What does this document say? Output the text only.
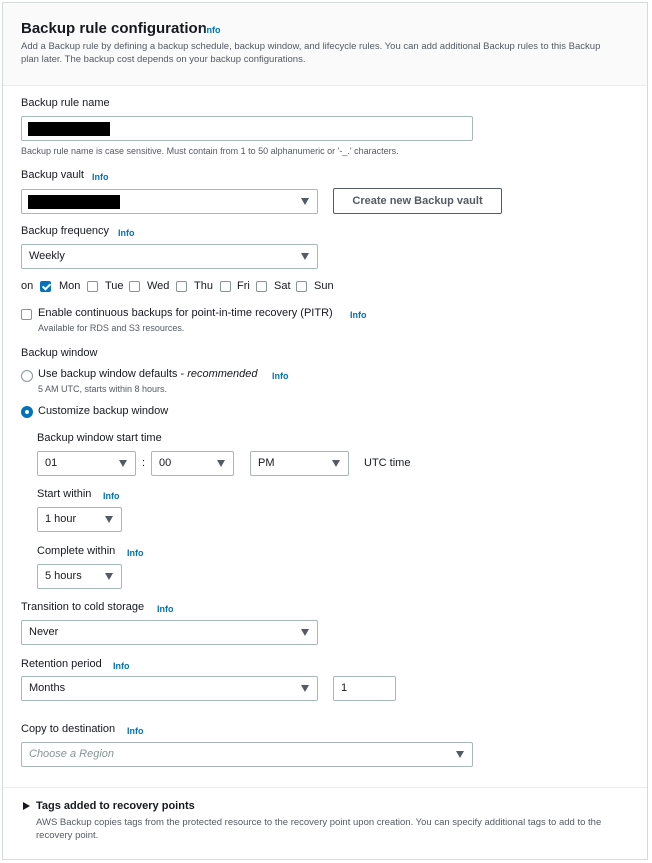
Backup rule configuration
Info
Add a Backup rule by defining a backup schedule, backup window, and lifecycle rules. You can add additional Backup rules to this Backup
plan later. The backup cost depends on your backup configurations.
Backup rule name
Backup rule name is case sensitive. Must contain from 1 to 50 alphanumeric or '-_.' characters.
Backup vault Info
Create new Backup vault
Backup frequency Info
Weekly
on Mon Tue Wed Thu Fri Sat Sun
Enable continuous backups for point-in-time recovery (PITR) Info
Available for RDS and S3 resources.
Backup window
Use backup window defaults - recommended Info
5 AM UTC, starts within 8 hours.
Customize backup window
Backup window start time
01	:	00	PM	UTC time
Start within Info
1 hour
Complete within Info
5 hours
Transition to cold storage Info
Never
Retention period Info
Months	1
Copy to destination Info
Choose a Region
Tags added to recovery points
AWS Backup copies tags from the protected resource to the recovery point upon creation. You can specify additional tags to add to the
recovery point.
